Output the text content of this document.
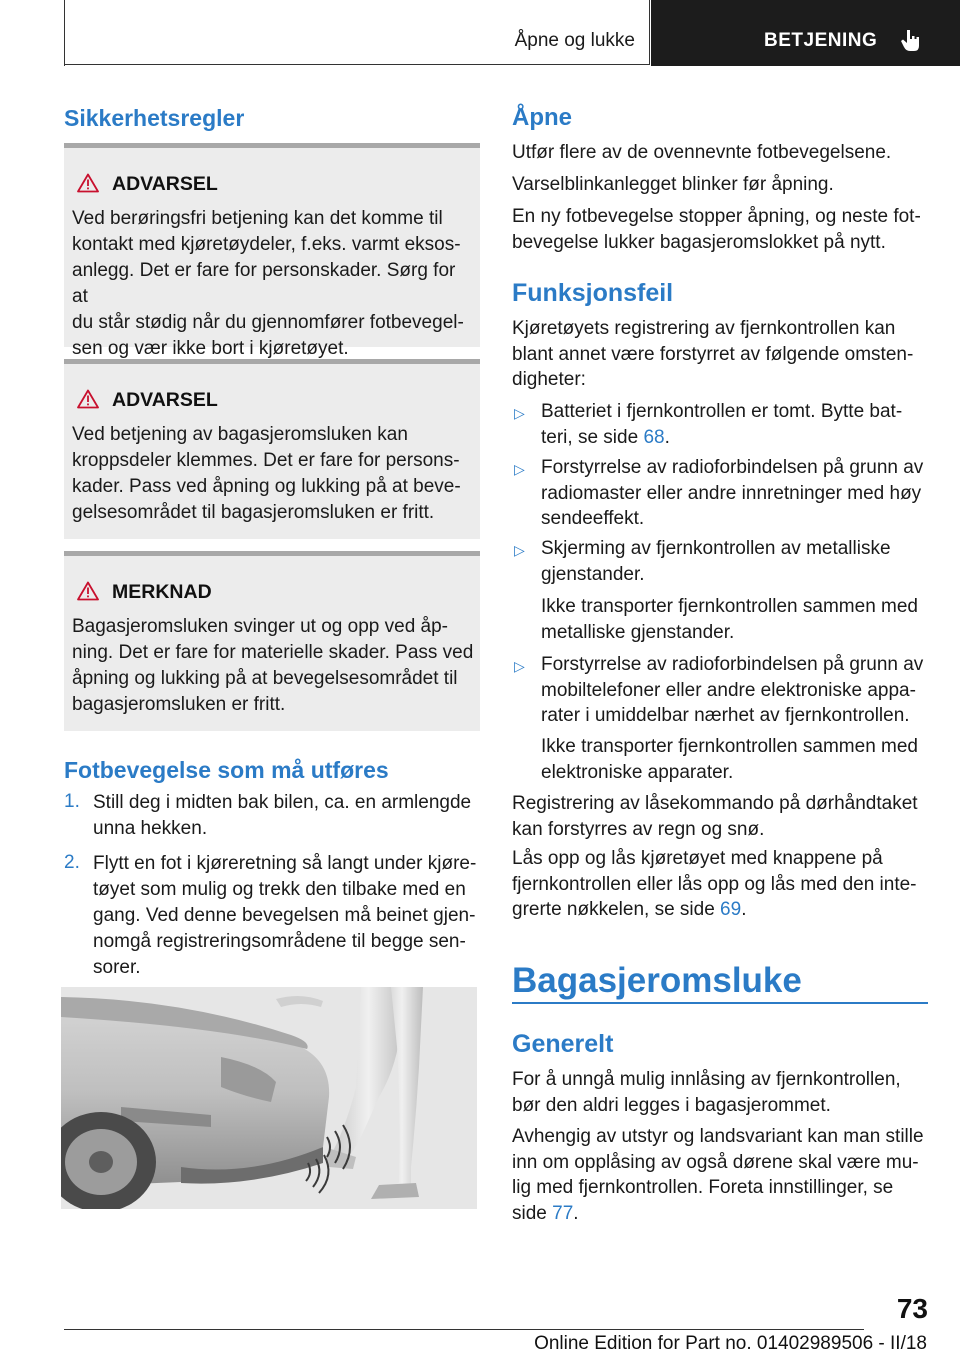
Åpne og lukke	BETJENING
Sikkerhetsregler
ADVARSEL
Ved berøringsfri betjening kan det komme til
kontakt med kjøretøydeler, f.eks. varmt eksos-
anlegg. Det er fare for personskader. Sørg for at
du står stødig når du gjennomfører fotbevegel-
sen og vær ikke bort i kjøretøyet.
ADVARSEL
Ved betjening av bagasjeromsluken kan
kroppsdeler klemmes. Det er fare for persons-
kader. Pass ved åpning og lukking på at beve-
gelsesområdet til bagasjeromsluken er fritt.
MERKNAD
Bagasjeromsluken svinger ut og opp ved åp-
ning. Det er fare for materielle skader. Pass ved
åpning og lukking på at bevegelsesområdet til
bagasjeromsluken er fritt.
Fotbevegelse som må utføres
1. Still deg i midten bak bilen, ca. en armlengde
unna hekken.
2. Flytt en fot i kjøreretning så langt under kjøre-
tøyet som mulig og trekk den tilbake med en
gang. Ved denne bevegelsen må beinet gjen-
nomgå registreringsområdene til begge sen-
sorer.
Åpne
Utfør flere av de ovennevnte fotbevegelsene.
Varselblinkanlegget blinker før åpning.
En ny fotbevegelse stopper åpning, og neste fot-
bevegelse lukker bagasjeromslokket på nytt.
Funksjonsfeil
Kjøretøyets registrering av fjernkontrollen kan
blant annet være forstyrret av følgende omsten-
digheter:
▷ Batteriet i fjernkontrollen er tomt. Bytte bat-
teri, se side 68.
▷ Forstyrrelse av radioforbindelsen på grunn av
radiomaster eller andre innretninger med høy
sendeeffekt.
▷ Skjerming av fjernkontrollen av metalliske
gjenstander.
Ikke transporter fjernkontrollen sammen med
metalliske gjenstander.
▷ Forstyrrelse av radioforbindelsen på grunn av
mobiltelefoner eller andre elektroniske appa-
rater i umiddelbar nærhet av fjernkontrollen.
Ikke transporter fjernkontrollen sammen med
elektroniske apparater.
Registrering av låsekommando på dørhåndtaket
kan forstyrres av regn og snø.
Lås opp og lås kjøretøyet med knappene på
fjernkontrollen eller lås opp og lås med den inte-
grerte nøkkelen, se side 69.
Bagasjeromsluke
Generelt
For å unngå mulig innlåsing av fjernkontrollen,
bør den aldri legges i bagasjerommet.
Avhengig av utstyr og landsvariant kan man stille
inn om opplåsing av også dørene skal være mu-
lig med fjernkontrollen. Foreta innstillinger, se
side 77.
73
Online Edition for Part no. 01402989506 - II/18
